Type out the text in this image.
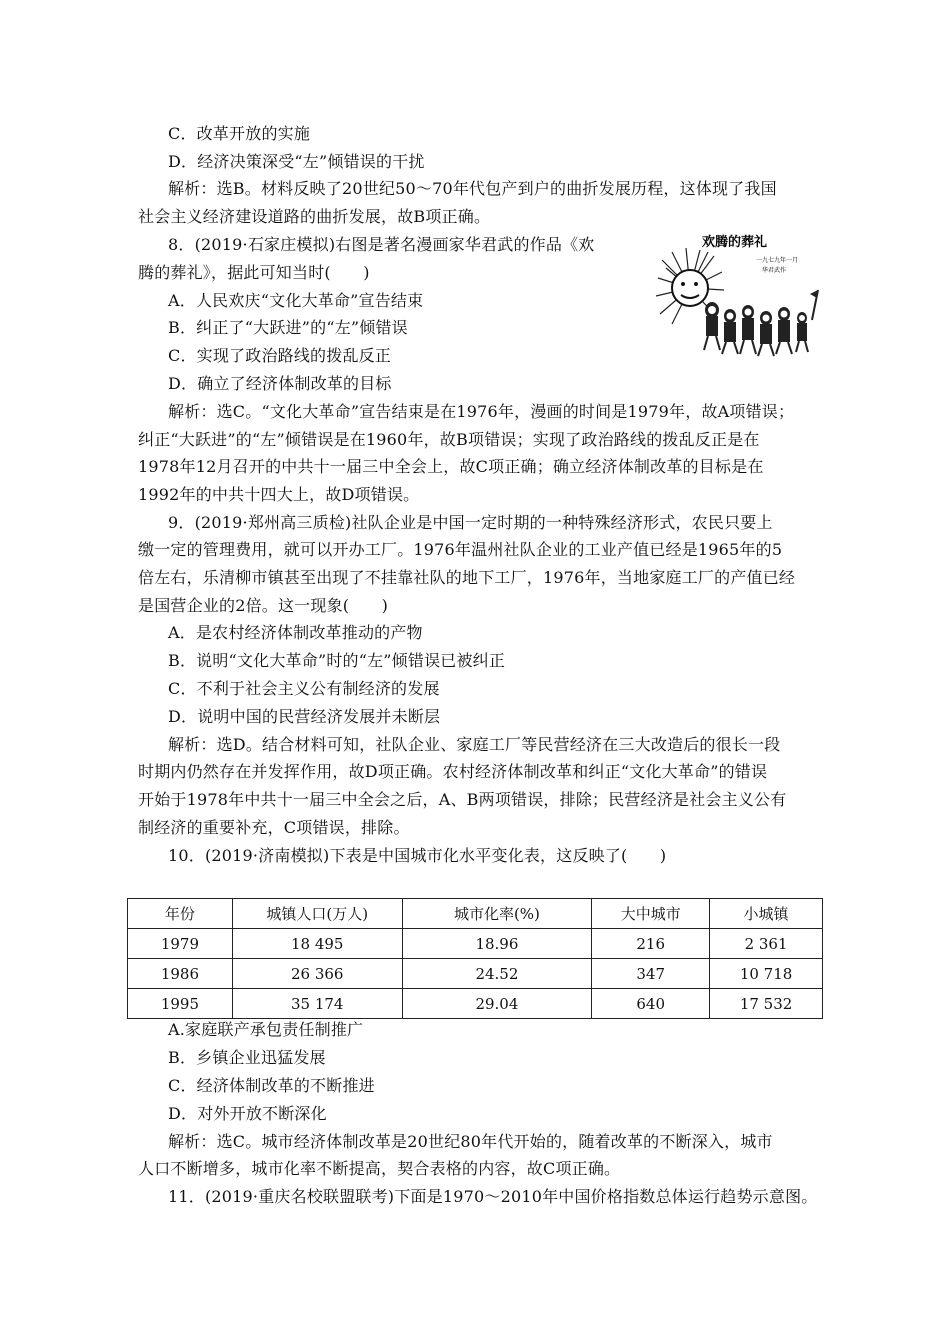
C．改革开放的实施
D．经济决策深受“左”倾错误的干扰
解析：选B。材料反映了20世纪50～70年代包产到户的曲折发展历程，这体现了我国
社会主义经济建设道路的曲折发展，故B项正确。
8．(2019·石家庄模拟)右图是著名漫画家华君武的作品《欢
腾的葬礼》，据此可知当时(　　)
A．人民欢庆“文化大革命”宣告结束
B．纠正了“大跃进”的“左”倾错误
C．实现了政治路线的拨乱反正
D．确立了经济体制改革的目标
欢腾的葬礼
一九七九年一月
华君武作
解析：选C。“文化大革命”宣告结束是在1976年，漫画的时间是1979年，故A项错误；
纠正“大跃进”的“左”倾错误是在1960年，故B项错误；实现了政治路线的拨乱反正是在
1978年12月召开的中共十一届三中全会上，故C项正确；确立经济体制改革的目标是在
1992年的中共十四大上，故D项错误。
9．(2019·郑州高三质检)社队企业是中国一定时期的一种特殊经济形式，农民只要上
缴一定的管理费用，就可以开办工厂。1976年温州社队企业的工业产值已经是1965年的5
倍左右，乐清柳市镇甚至出现了不挂靠社队的地下工厂，1976年，当地家庭工厂的产值已经
是国营企业的2倍。这一现象(　　)
A．是农村经济体制改革推动的产物
B．说明“文化大革命”时的“左”倾错误已被纠正
C．不利于社会主义公有制经济的发展
D．说明中国的民营经济发展并未断层
解析：选D。结合材料可知，社队企业、家庭工厂等民营经济在三大改造后的很长一段
时期内仍然存在并发挥作用，故D项正确。农村经济体制改革和纠正“文化大革命”的错误
开始于1978年中共十一届三中全会之后，A、B两项错误，排除；民营经济是社会主义公有
制经济的重要补充，C项错误，排除。
10．(2019·济南模拟)下表是中国城市化水平变化表，这反映了(　　)
年份	城镇人口(万人)	城市化率(%)	大中城市	小城镇
1979	18 495	18.96	216	2 361
1986	26 366	24.52	347	10 718
1995	35 174	29.04	640	17 532
A.家庭联产承包责任制推广
B．乡镇企业迅猛发展
C．经济体制改革的不断推进
D．对外开放不断深化
解析：选C。城市经济体制改革是20世纪80年代开始的，随着改革的不断深入，城市
人口不断增多，城市化率不断提高，契合表格的内容，故C项正确。
11．(2019·重庆名校联盟联考)下面是1970～2010年中国价格指数总体运行趋势示意图。
